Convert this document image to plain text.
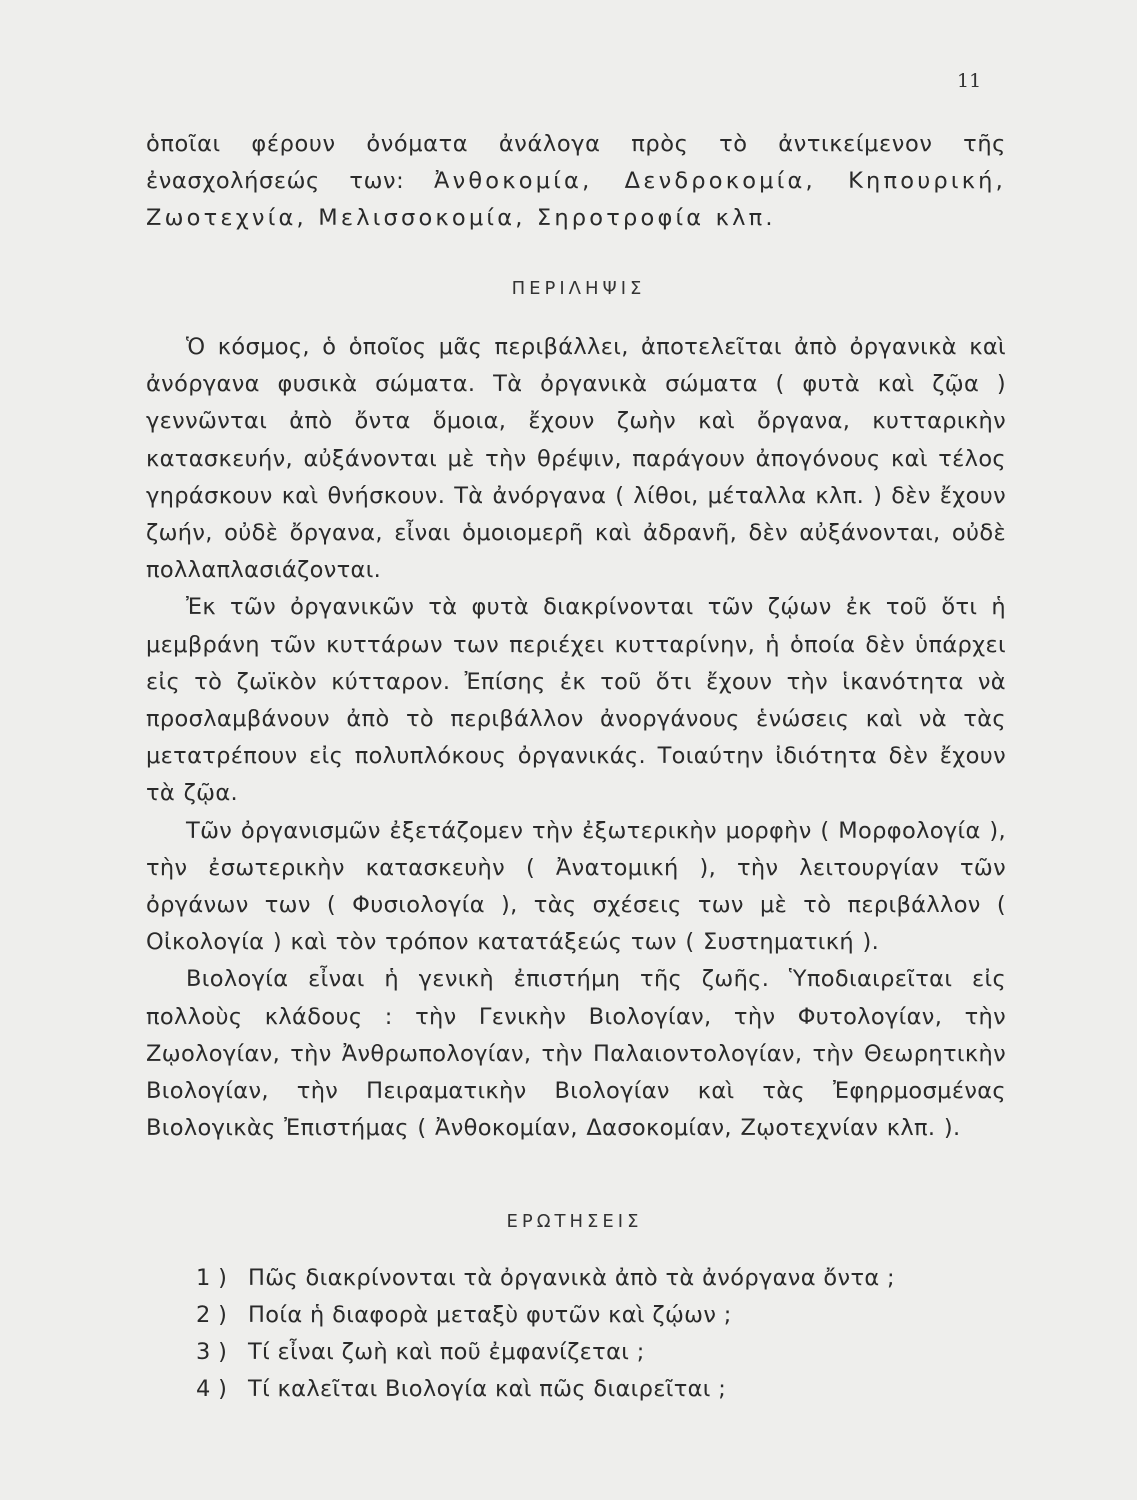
11

ὁποῖαι φέρουν ὀνόματα ἀνάλογα πρὸς τὸ ἀντικείμενον τῆς ἐνασχολήσεώς των: Ἀνθοκομία, Δενδροκομία, Κηπουρική, Ζωοτεχνία, Μελισσοκομία, Σηροτροφία κλπ.

ΠΕΡΙΛΗΨΙΣ

Ὁ κόσμος, ὁ ὁποῖος μᾶς περιβάλλει, ἀποτελεῖται ἀπὸ ὀργανικὰ καὶ ἀνόργανα φυσικὰ σώματα. Τὰ ὀργανικὰ σώματα ( φυτὰ καὶ ζῷα ) γεννῶνται ἀπὸ ὄντα ὅμοια, ἔχουν ζωὴν καὶ ὄργανα, κυτταρικὴν κατασκευήν, αὐξάνονται μὲ τὴν θρέψιν, παράγουν ἀπογόνους καὶ τέλος γηράσκουν καὶ θνήσκουν. Τὰ ἀνόργανα ( λίθοι, μέταλλα κλπ. ) δὲν ἔχουν ζωήν, οὐδὲ ὄργανα, εἶναι ὁμοιομερῆ καὶ ἀδρανῆ, δὲν αὐξάνονται, οὐδὲ πολλαπλασιάζονται.

Ἐκ τῶν ὀργανικῶν τὰ φυτὰ διακρίνονται τῶν ζῴων ἐκ τοῦ ὅτι ἡ μεμβράνη τῶν κυττάρων των περιέχει κυτταρίνην, ἡ ὁποία δὲν ὑπάρχει εἰς τὸ ζωϊκὸν κύτταρον. Ἐπίσης ἐκ τοῦ ὅτι ἔχουν τὴν ἱκανότητα νὰ προσλαμβάνουν ἀπὸ τὸ περιβάλλον ἀνοργάνους ἑνώσεις καὶ νὰ τὰς μετατρέπουν εἰς πολυπλόκους ὀργανικάς. Τοιαύτην ἰδιότητα δὲν ἔχουν τὰ ζῷα.

Τῶν ὀργανισμῶν ἐξετάζομεν τὴν ἐξωτερικὴν μορφὴν ( Μορφολογία ), τὴν ἐσωτερικὴν κατασκευὴν ( Ἀνατομική ), τὴν λειτουργίαν τῶν ὀργάνων των ( Φυσιολογία ), τὰς σχέσεις των μὲ τὸ περιβάλλον ( Οἰκολογία ) καὶ τὸν τρόπον κατατάξεώς των ( Συστηματική ).

Βιολογία εἶναι ἡ γενικὴ ἐπιστήμη τῆς ζωῆς. Ὑποδιαιρεῖται εἰς πολλοὺς κλάδους : τὴν Γενικὴν Βιολογίαν, τὴν Φυτολογίαν, τὴν Ζῳολογίαν, τὴν Ἀνθρωπολογίαν, τὴν Παλαιοντολογίαν, τὴν Θεωρητικὴν Βιολογίαν, τὴν Πειραματικὴν Βιολογίαν καὶ τὰς Ἐφηρμοσμένας Βιολογικὰς Ἐπιστήμας ( Ἀνθοκομίαν, Δασοκομίαν, Ζῳοτεχνίαν κλπ. ).

ΕΡΩΤΗΣΕΙΣ
1 ) Πῶς διακρίνονται τὰ ὀργανικὰ ἀπὸ τὰ ἀνόργανα ὄντα ;
2 ) Ποία ἡ διαφορὰ μεταξὺ φυτῶν καὶ ζῴων ;
3 ) Τί εἶναι ζωὴ καὶ ποῦ ἐμφανίζεται ;
4 ) Τί καλεῖται Βιολογία καὶ πῶς διαιρεῖται ;
